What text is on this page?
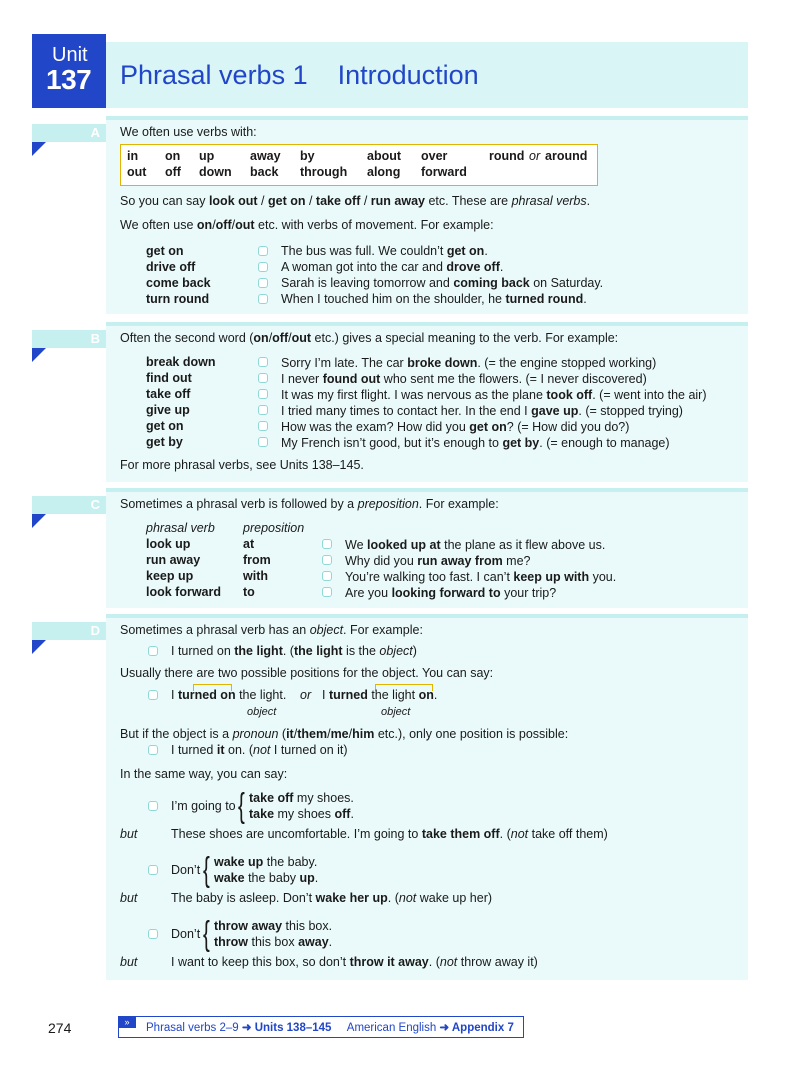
Unit
137 Phrasal verbs 1    Introduction
A	We often use verbs with:
in on up	away by	about over	round or around
out off down back through along forward
So you can say look out / get on / take off / run away etc. These are phrasal verbs.
We often use on/off/out etc. with verbs of movement. For example:
get on	The bus was full. We couldn’t get on.
drive off	A woman got into the car and drove off.
come back	Sarah is leaving tomorrow and coming back on Saturday.
turn round	When I touched him on the shoulder, he turned round.
B	Often the second word (on/off/out etc.) gives a special meaning to the verb. For example:
break down	Sorry I’m late. The car broke down. (= the engine stopped working)
find out	I never found out who sent me the flowers. (= I never discovered)
take off	It was my first flight. I was nervous as the plane took off. (= went into the air)
give up	I tried many times to contact her. In the end I gave up. (= stopped trying)
get on	How was the exam? How did you get on? (= How did you do?)
get by	My French isn’t good, but it’s enough to get by. (= enough to manage)
For more phrasal verbs, see Units 138–145.
C	Sometimes a phrasal verb is followed by a preposition. For example:
phrasal verb preposition
look up	at	We looked up at the plane as it flew above us.
run away	from	Why did you run away from me?
keep up	with	You’re walking too fast. I can’t keep up with you.
look forward to	Are you looking forward to your trip?
D	Sometimes a phrasal verb has an object. For example:
I turned on the light. (the light is the object)
Usually there are two possible positions for the object. You can say:
I turned on the light. or I turned the light on.
object	object
But if the object is a pronoun (it/them/me/him etc.), only one position is possible:
I turned it on. (not I turned on it)
In the same way, you can say:
I’m going to { take off my shoes.
take my shoes off.
but	These shoes are uncomfortable. I’m going to take them off. (not take off them)
Don’t { wake up the baby.
wake the baby up.
but	The baby is asleep. Don’t wake her up. (not wake up her)
Don’t { throw away this box.
throw this box away.
but	I want to keep this box, so don’t throw it away. (not throw away it)
274	»	Phrasal verbs 2–9 ➜ Units 138–145     American English ➜ Appendix 7
